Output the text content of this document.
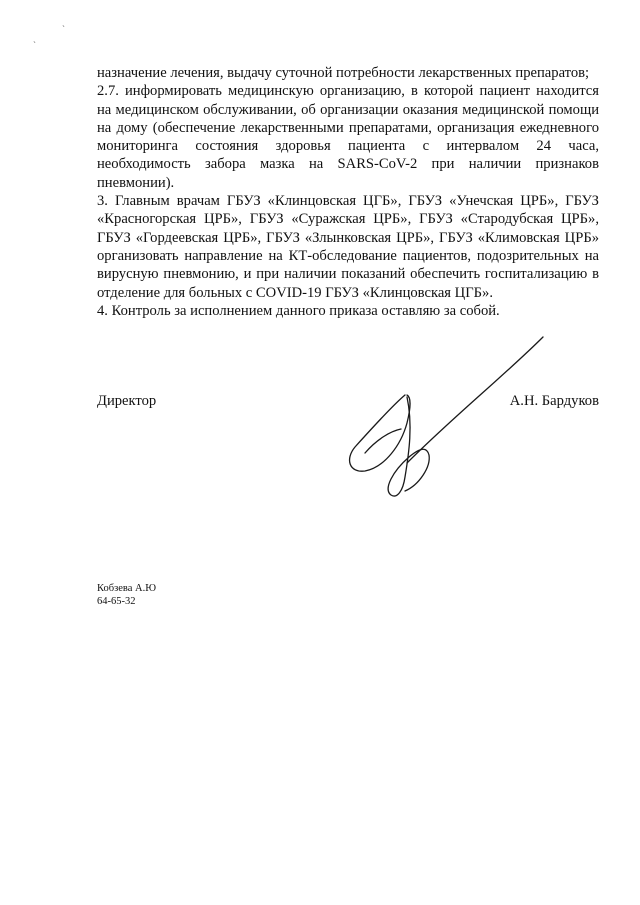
`
`

назначение лечения, выдачу суточной потребности лекарственных препаратов;

2.7. информировать медицинскую организацию, в которой пациент находится на медицинском обслуживании, об организации оказания медицинской помощи на дому (обеспечение лекарственными препаратами, организация ежедневного мониторинга состояния здоровья пациента с интервалом 24 часа, необходимость забора мазка на SARS-CoV-2 при наличии признаков пневмонии).

3. Главным врачам ГБУЗ «Клинцовская ЦГБ», ГБУЗ «Унечская ЦРБ», ГБУЗ «Красногорская ЦРБ», ГБУЗ «Суражская ЦРБ», ГБУЗ «Стародубская ЦРБ», ГБУЗ «Гордеевская ЦРБ», ГБУЗ «Злынковская ЦРБ», ГБУЗ «Климовская ЦРБ» организовать направление на КТ-обследование пациентов, подозрительных на вирусную пневмонию, и при наличии показаний обеспечить госпитализацию в отделение для больных с COVID-19 ГБУЗ «Клинцовская ЦГБ».

4. Контроль за исполнением данного приказа оставляю за собой.

Директор	А.Н. Бардуков
Кобзева А.Ю
64-65-32
